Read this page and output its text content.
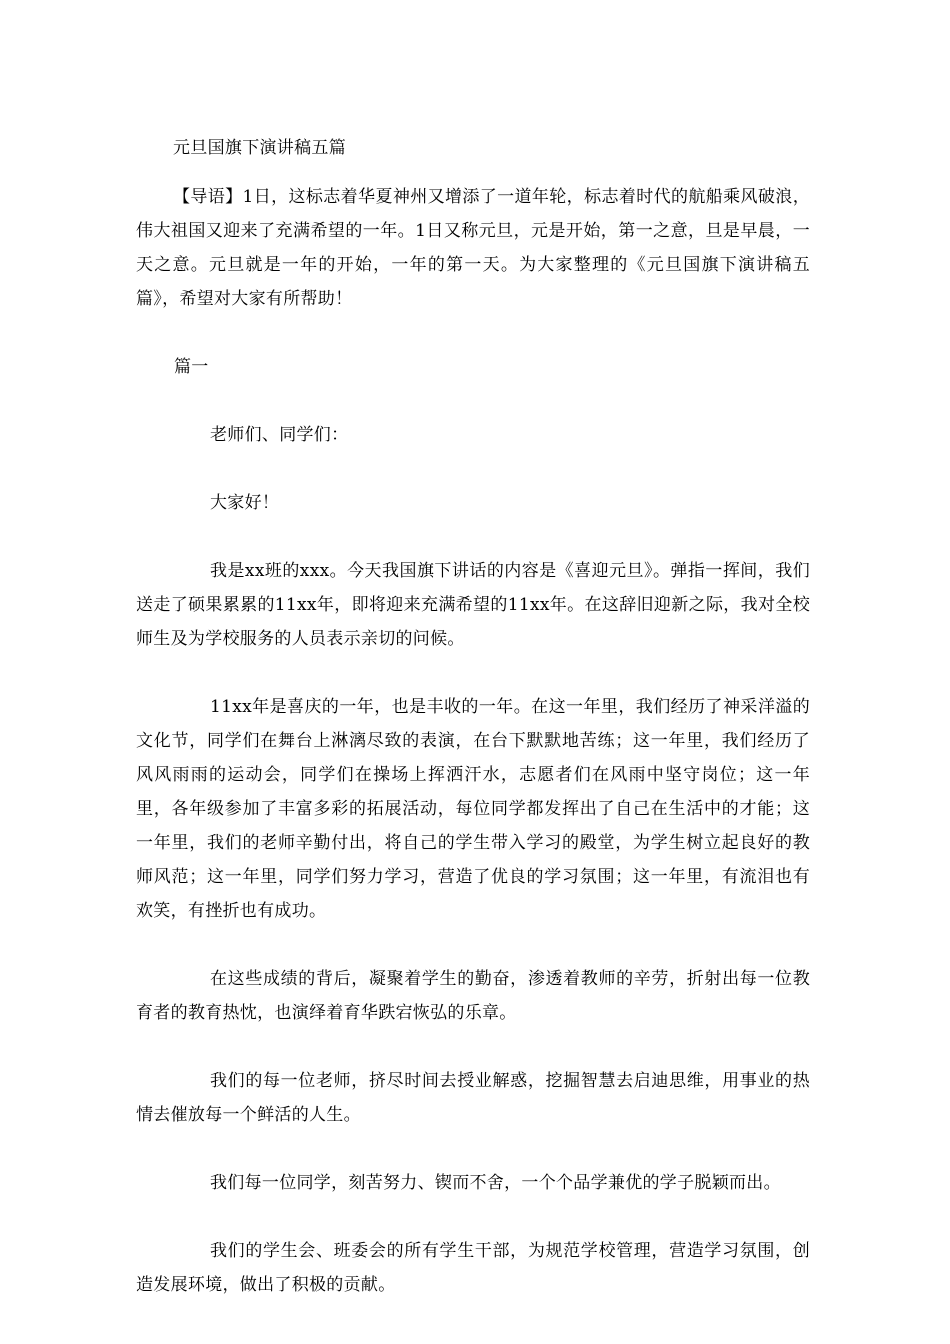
元旦国旗下演讲稿五篇

【导语】1日，这标志着华夏神州又增添了一道年轮，标志着时代的航船乘风破浪，伟大祖国又迎来了充满希望的一年。1日又称元旦，元是开始，第一之意，旦是早晨，一天之意。元旦就是一年的开始，一年的第一天。为大家整理的《元旦国旗下演讲稿五篇》，希望对大家有所帮助！

篇一

老师们、同学们：

大家好！

我是xx班的xxx。今天我国旗下讲话的内容是《喜迎元旦》。弹指一挥间，我们送走了硕果累累的11xx年，即将迎来充满希望的11xx年。在这辞旧迎新之际，我对全校师生及为学校服务的人员表示亲切的问候。

11xx年是喜庆的一年，也是丰收的一年。在这一年里，我们经历了神采洋溢的文化节，同学们在舞台上淋漓尽致的表演，在台下默默地苦练；这一年里，我们经历了风风雨雨的运动会，同学们在操场上挥洒汗水，志愿者们在风雨中坚守岗位；这一年里，各年级参加了丰富多彩的拓展活动，每位同学都发挥出了自己在生活中的才能；这一年里，我们的老师辛勤付出，将自己的学生带入学习的殿堂，为学生树立起良好的教师风范；这一年里，同学们努力学习，营造了优良的学习氛围；这一年里，有流泪也有欢笑，有挫折也有成功。

在这些成绩的背后，凝聚着学生的勤奋，渗透着教师的辛劳，折射出每一位教育者的教育热忱，也演绎着育华跌宕恢弘的乐章。

我们的每一位老师，挤尽时间去授业解惑，挖掘智慧去启迪思维，用事业的热情去催放每一个鲜活的人生。

我们每一位同学，刻苦努力、锲而不舍，一个个品学兼优的学子脱颖而出。

我们的学生会、班委会的所有学生干部，为规范学校管理，营造学习氛围，创造发展环境，做出了积极的贡献。
